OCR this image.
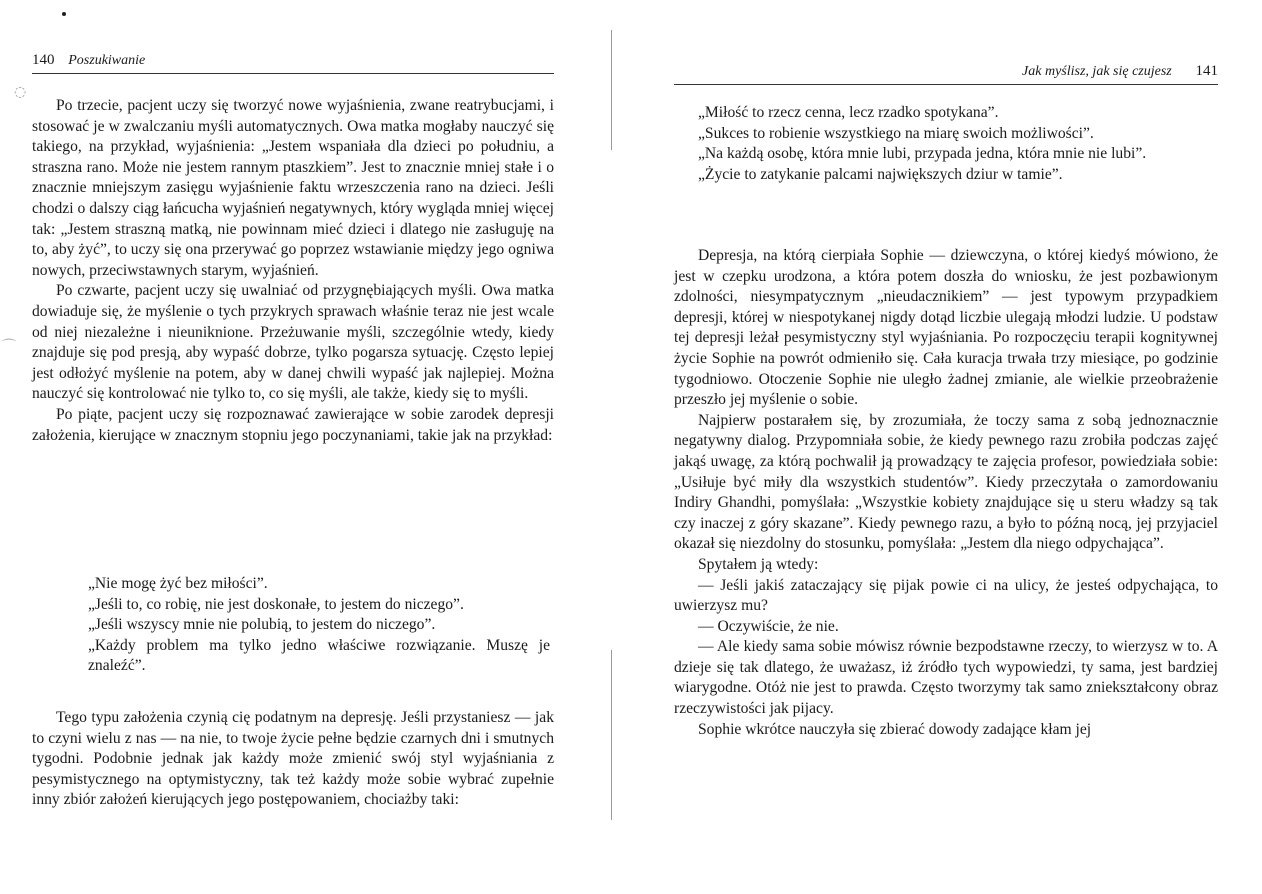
◌
⌒
140 Poszukiwanie

Po trzecie, pacjent uczy się tworzyć nowe wyjaśnienia, zwane reatrybucjami, i stosować je w zwalczaniu myśli automatycznych. Owa matka mogłaby nauczyć się takiego, na przykład, wyjaśnienia: „Jestem wspaniała dla dzieci po południu, a straszna rano. Może nie jestem rannym ptaszkiem”. Jest to znacznie mniej stałe i o znacznie mniejszym zasięgu wyjaśnienie faktu wrzeszczenia rano na dzieci. Jeśli chodzi o dalszy ciąg łańcucha wyjaśnień negatywnych, który wygląda mniej więcej tak: „Jestem straszną matką, nie powinnam mieć dzieci i dlatego nie zasługuję na to, aby żyć”, to uczy się ona przerywać go poprzez wstawianie między jego ogniwa nowych, przeciwstawnych starym, wyjaśnień.

Po czwarte, pacjent uczy się uwalniać od przygnębiających myśli. Owa matka dowiaduje się, że myślenie o tych przykrych sprawach właśnie teraz nie jest wcale od niej niezależne i nieuniknione. Przeżuwanie myśli, szczególnie wtedy, kiedy znajduje się pod presją, aby wypaść dobrze, tylko pogarsza sytuację. Często lepiej jest odłożyć myślenie na potem, aby w danej chwili wypaść jak najlepiej. Można nauczyć się kontrolować nie tylko to, co się myśli, ale także, kiedy się to myśli.

Po piąte, pacjent uczy się rozpoznawać zawierające w sobie zarodek depresji założenia, kierujące w znacznym stopniu jego poczynaniami, takie jak na przykład:

„Nie mogę żyć bez miłości”.

„Jeśli to, co robię, nie jest doskonałe, to jestem do niczego”.

„Jeśli wszyscy mnie nie polubią, to jestem do niczego”.

„Każdy problem ma tylko jedno właściwe rozwiązanie. Muszę je znaleźć”.

Tego typu założenia czynią cię podatnym na depresję. Jeśli przystaniesz — jak to czyni wielu z nas — na nie, to twoje życie pełne będzie czarnych dni i smutnych tygodni. Podobnie jednak jak każdy może zmienić swój styl wyjaśniania z pesymistycznego na optymistyczny, tak też każdy może sobie wybrać zupełnie inny zbiór założeń kierujących jego postępowaniem, chociażby taki:

Jak myślisz, jak się czujesz 141

„Miłość to rzecz cenna, lecz rzadko spotykana”.

„Sukces to robienie wszystkiego na miarę swoich możliwości”.

„Na każdą osobę, która mnie lubi, przypada jedna, która mnie nie lubi”.

„Życie to zatykanie palcami największych dziur w tamie”.

Depresja, na którą cierpiała Sophie — dziewczyna, o której kiedyś mówiono, że jest w czepku urodzona, a która potem doszła do wniosku, że jest pozbawionym zdolności, niesympatycznym „nieudacznikiem” — jest typowym przypadkiem depresji, której w niespotykanej nigdy dotąd liczbie ulegają młodzi ludzie. U podstaw tej depresji leżał pesymistyczny styl wyjaśniania. Po rozpoczęciu terapii kognitywnej życie Sophie na powrót odmieniło się. Cała kuracja trwała trzy miesiące, po godzinie tygodniowo. Otoczenie Sophie nie uległo żadnej zmianie, ale wielkie przeobrażenie przeszło jej myślenie o sobie.

Najpierw postarałem się, by zrozumiała, że toczy sama z sobą jednoznacznie negatywny dialog. Przypomniała sobie, że kiedy pewnego razu zrobiła podczas zajęć jakąś uwagę, za którą pochwalił ją prowadzący te zajęcia profesor, powiedziała sobie: „Usiłuje być miły dla wszystkich studentów”. Kiedy przeczytała o zamordowaniu Indiry Ghandhi, pomyślała: „Wszystkie kobiety znajdujące się u steru władzy są tak czy inaczej z góry skazane”. Kiedy pewnego razu, a było to późną nocą, jej przyjaciel okazał się niezdolny do stosunku, pomyślała: „Jestem dla niego odpychająca”.

Spytałem ją wtedy:

— Jeśli jakiś zataczający się pijak powie ci na ulicy, że jesteś odpychająca, to uwierzysz mu?

— Oczywiście, że nie.

— Ale kiedy sama sobie mówisz równie bezpodstawne rzeczy, to wierzysz w to. A dzieje się tak dlatego, że uważasz, iż źródło tych wypowiedzi, ty sama, jest bardziej wiarygodne. Otóż nie jest to prawda. Często tworzymy tak samo zniekształcony obraz rzeczywistości jak pijacy.

Sophie wkrótce nauczyła się zbierać dowody zadające kłam jej
